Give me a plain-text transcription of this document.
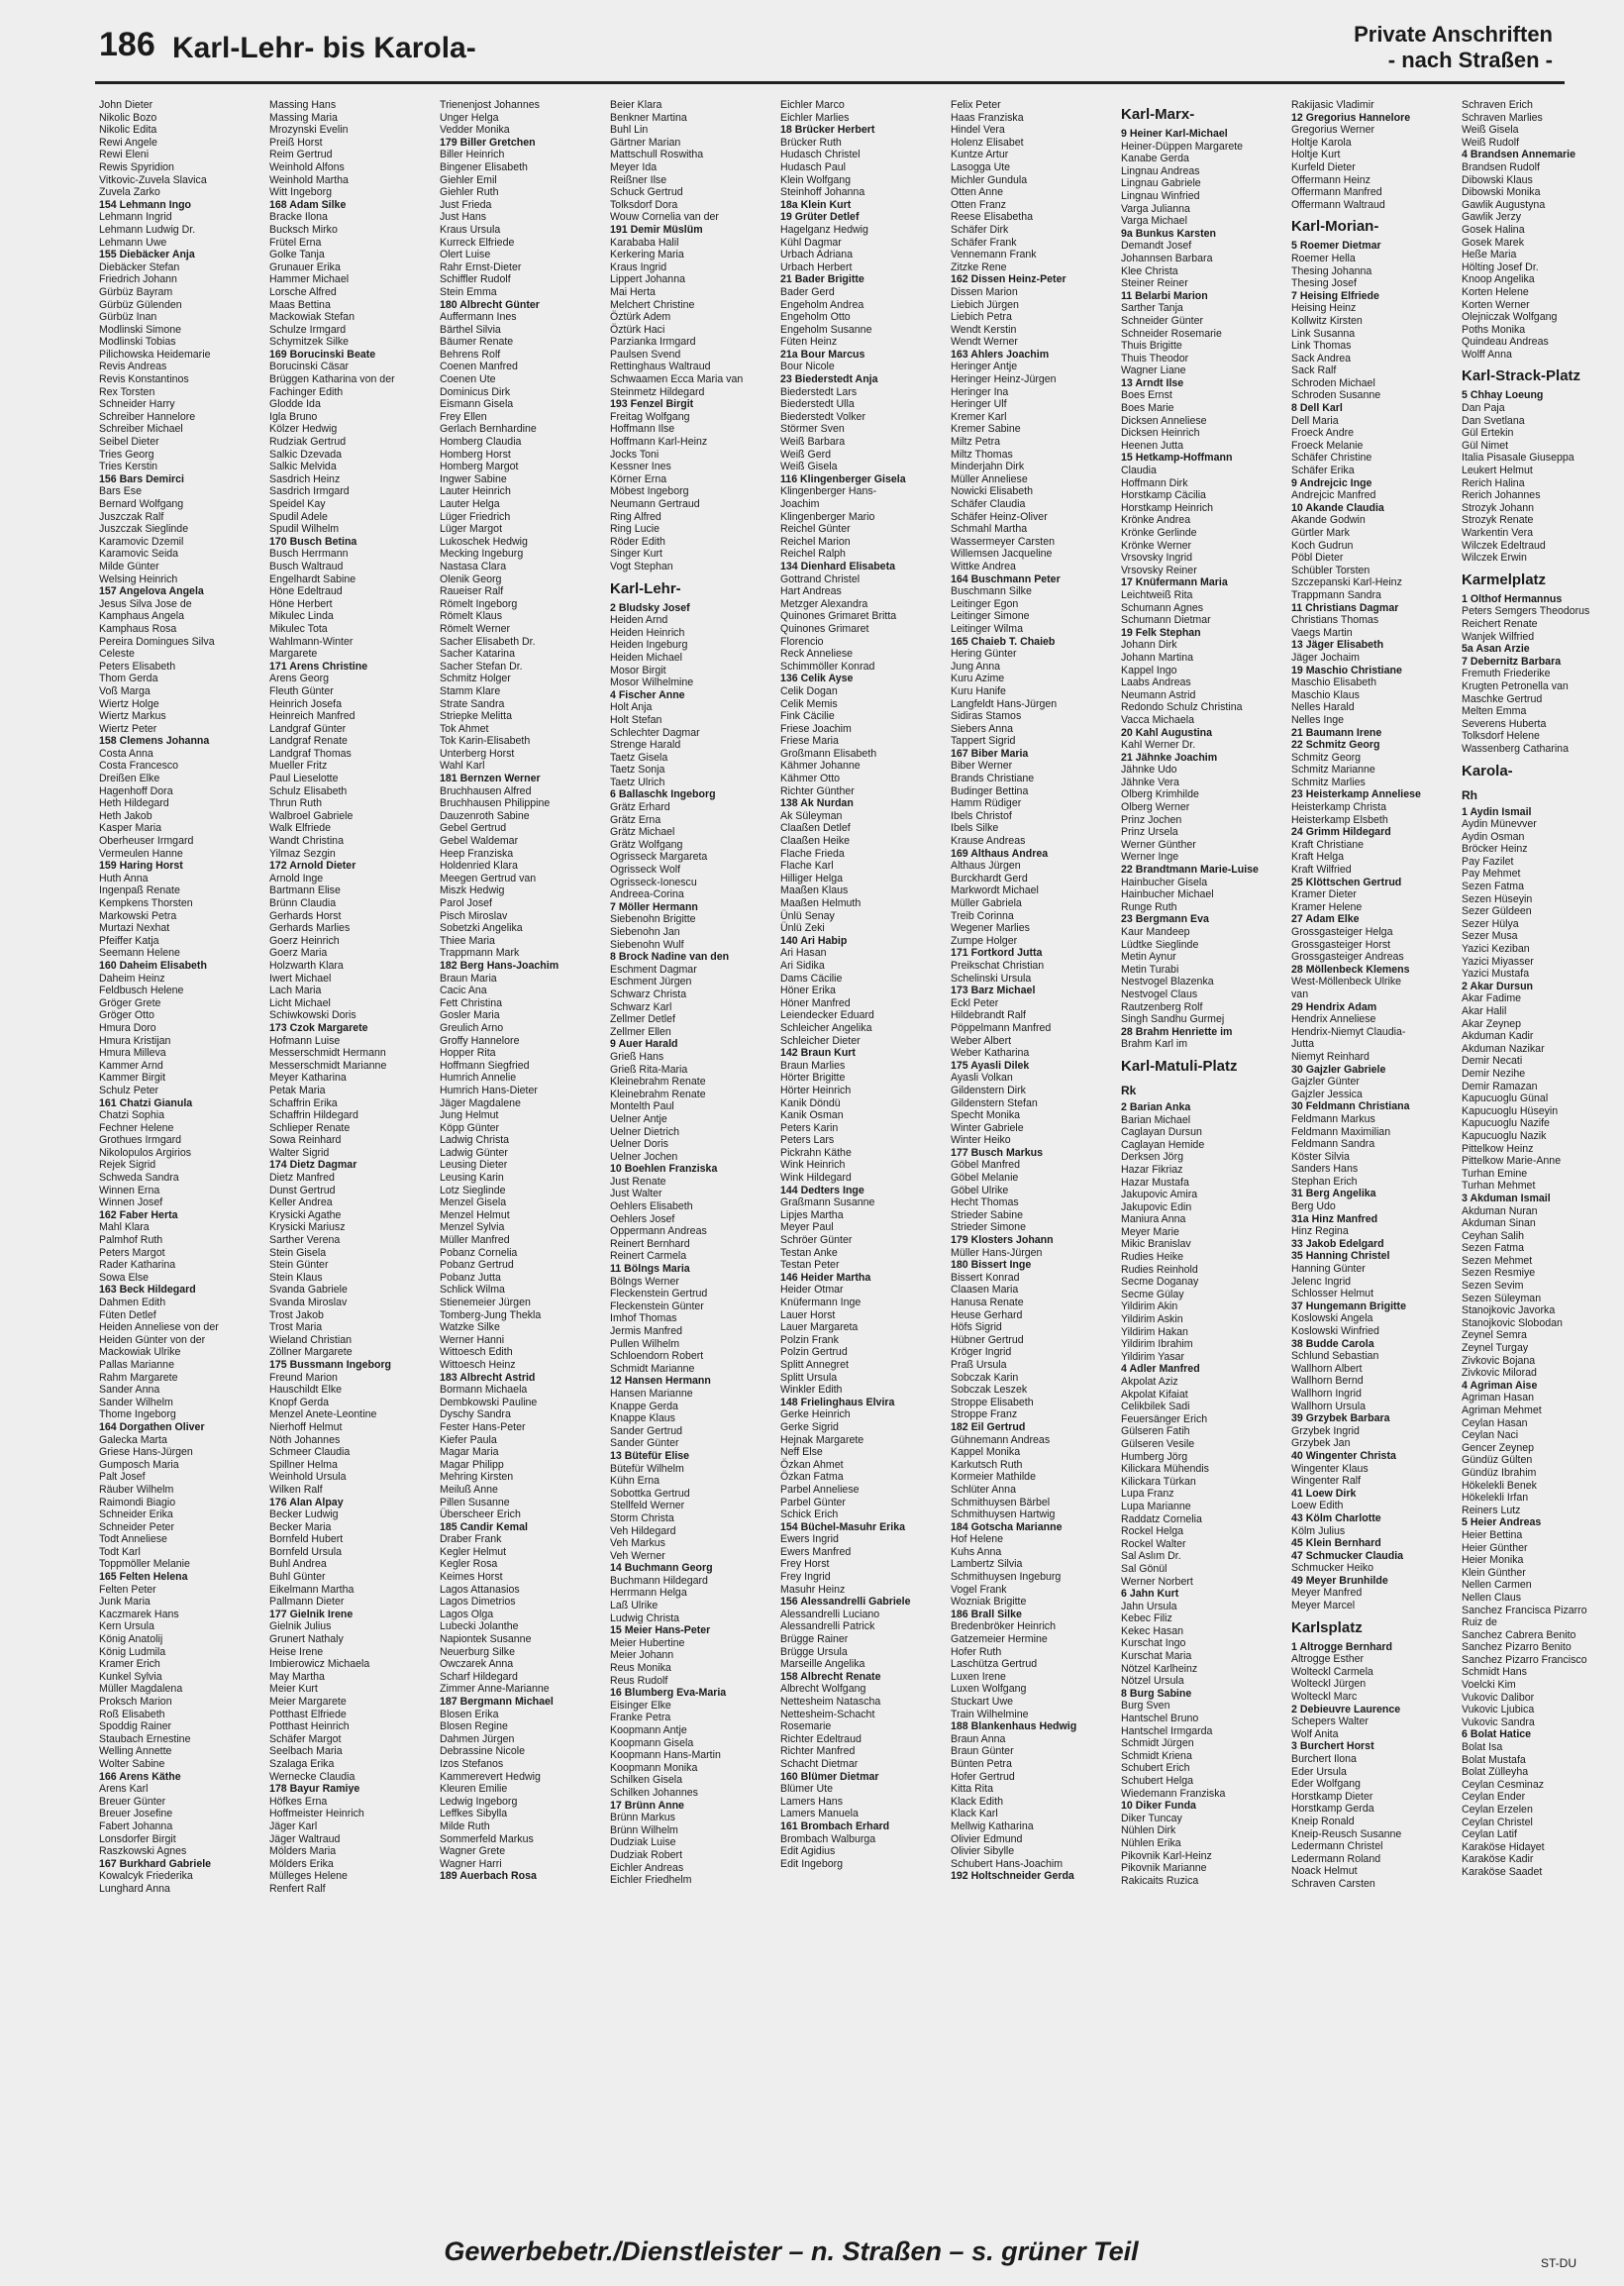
186 Karl-Lehr- bis Karola-	Private Anschriften
- nach Straßen -
John Dieter
Nikolic Bozo
Nikolic Edita
Rewi Angele
Rewi Eleni
Rewis Spyridion
Vitkovic-Zuvela Slavica
Zuvela Zarko
154 Lehmann Ingo
Lehmann Ingrid
Lehmann Ludwig Dr.
Lehmann Uwe
155 Diebäcker Anja
Diebäcker Stefan
Friedrich Johann
Gürbüz Bayram
Gürbüz Gülenden
Gürbüz Inan
Modlinski Simone
Modlinski Tobias
Pilichowska Heidemarie
Revis Andreas
Revis Konstantinos
Rex Torsten
Schneider Harry
Schreiber Hannelore
Schreiber Michael
Seibel Dieter
Tries Georg
Tries Kerstin
156 Bars Demirci
Bars Ese
Bernard Wolfgang
Juszczak Ralf
Juszczak Sieglinde
Karamovic Dzemil
Karamovic Seida
Milde Günter
Welsing Heinrich
157 Angelova Angela
Jesus Silva Jose de
Kamphaus Angela
Kamphaus Rosa
Pereira Domingues Silva
Celeste
Peters Elisabeth
Thom Gerda
Voß Marga
Wiertz Holge
Wiertz Markus
Wiertz Peter
158 Clemens Johanna
Costa Anna
Costa Francesco
Dreißen Elke
Hagenhoff Dora
Heth Hildegard
Heth Jakob
Kasper Maria
Oberheuser Irmgard
Vermeulen Hanne
159 Haring Horst
Huth Anna
Ingenpaß Renate
Kempkens Thorsten
Markowski Petra
Murtazi Nexhat
Pfeiffer Katja
Seemann Helene
160 Daheim Elisabeth
Daheim Heinz
Feldbusch Helene
Gröger Grete
Gröger Otto
Hmura Doro
Hmura Kristijan
Hmura Milleva
Kammer Arnd
Kammer Birgit
Schulz Peter
161 Chatzi Gianula
Chatzi Sophia
Fechner Helene
Grothues Irmgard
Nikolopulos Argirios
Rejek Sigrid
Schweda Sandra
Winnen Erna
Winnen Josef
162 Faber Herta
Mahl Klara
Palmhof Ruth
Peters Margot
Rader Katharina
Sowa Else
163 Beck Hildegard
Dahmen Edith
Füten Detlef
Heiden Anneliese von der
Heiden Günter von der
Mackowiak Ulrike
Pallas Marianne
Rahm Margarete
Sander Anna
Sander Wilhelm
Thome Ingeborg
164 Dorgathen Oliver
Galecka Marta
Griese Hans-Jürgen
Gumposch Maria
Palt Josef
Räuber Wilhelm
Raimondi Biagio
Schneider Erika
Schneider Peter
Todt Anneliese
Todt Karl
Toppmöller Melanie
165 Felten Helena
Felten Peter
Junk Maria
Kaczmarek Hans
Kern Ursula
König Anatolij
König Ludmila
Kramer Erich
Kunkel Sylvia
Müller Magdalena
Proksch Marion
Roß Elisabeth
Spoddig Rainer
Staubach Ernestine
Welling Annette
Wolter Sabine
166 Arens Käthe
Arens Karl
Breuer Günter
Breuer Josefine
Fabert Johanna
Lonsdorfer Birgit
Raszkowski Agnes
167 Burkhard Gabriele
Kowalcyk Friederika
Lunghard Anna
Massing Hans
Massing Maria
Mrozynski Evelin
Preiß Horst
Reim Gertrud
Weinhold Alfons
Weinhold Martha
Witt Ingeborg
168 Adam Silke
Bracke Ilona
Bucksch Mirko
Frütel Erna
Golke Tanja
Grunauer Erika
Hammer Michael
Lorsche Alfred
Maas Bettina
Mackowiak Stefan
Schulze Irmgard
Schymitzek Silke
169 Borucinski Beate
Borucinski Cäsar
Brüggen Katharina von der
Fachinger Edith
Glodde Ida
Igla Bruno
Kölzer Hedwig
Rudziak Gertrud
Salkic Dzevada
Salkic Melvida
Sasdrich Heinz
Sasdrich Irmgard
Speidel Kay
Spudil Adele
Spudil Wilhelm
170 Busch Betina
Busch Herrmann
Busch Waltraud
Engelhardt Sabine
Höne Edeltraud
Höne Herbert
Mikulec Linda
Mikulec Tota
Wahlmann-Winter
Margarete
171 Arens Christine
Arens Georg
Fleuth Günter
Heinrich Josefa
Heinreich Manfred
Landgraf Günter
Landgraf Renate
Landgraf Thomas
Mueller Fritz
Paul Lieselotte
Schulz Elisabeth
Thrun Ruth
Walbroel Gabriele
Walk Elfriede
Wandt Christina
Yilmaz Sezgin
172 Arnold Dieter
Arnold Inge
Bartmann Elise
Brünn Claudia
Gerhards Horst
Gerhards Marlies
Goerz Heinrich
Goerz Maria
Holzwarth Klara
Iwert Michael
Lach Maria
Licht Michael
Schiwkowski Doris
173 Czok Margarete
Hofmann Luise
Messerschmidt Hermann
Messerschmidt Marianne
Meyer Katharina
Petak Maria
Schaffrin Erika
Schaffrin Hildegard
Schlieper Renate
Sowa Reinhard
Walter Sigrid
174 Dietz Dagmar
Dietz Manfred
Dunst Gertrud
Keller Andrea
Krysicki Agathe
Krysicki Mariusz
Sarther Verena
Stein Gisela
Stein Günter
Stein Klaus
Svanda Gabriele
Svanda Miroslav
Trost Jakob
Trost Maria
Wieland Christian
Zöllner Margarete
175 Bussmann Ingeborg
Freund Marion
Hauschildt Elke
Knopf Gerda
Menzel Anete-Leontine
Nierhoff Helmut
Nöth Johannes
Schmeer Claudia
Spillner Helma
Weinhold Ursula
Wilken Ralf
176 Alan Alpay
Becker Ludwig
Becker Maria
Bornfeld Hubert
Bornfeld Ursula
Buhl Andrea
Buhl Günter
Eikelmann Martha
Pallmann Dieter
177 Gielnik Irene
Gielnik Julius
Grunert Nathaly
Heise Irene
Imbierowicz Michaela
May Martha
Meier Kurt
Meier Margarete
Potthast Elfriede
Potthast Heinrich
Schäfer Margot
Seelbach Maria
Szalaga Erika
Wernecke Claudia
178 Bayur Ramiye
Höfkes Erna
Hoffmeister Heinrich
Jäger Karl
Jäger Waltraud
Mölders Maria
Mölders Erika
Mülleges Helene
Renfert Ralf
Trienenjost Johannes
Unger Helga
Vedder Monika
179 Biller Gretchen
Biller Heinrich
Bingener Elisabeth
Giehler Emil
Giehler Ruth
Just Frieda
Just Hans
Kraus Ursula
Kurreck Elfriede
Olert Luise
Rahr Ernst-Dieter
Schiffler Rudolf
Stein Emma
180 Albrecht Günter
Auffermann Ines
Bärthel Silvia
Bäumer Renate
Behrens Rolf
Coenen Manfred
Coenen Ute
Dominicus Dirk
Eismann Gisela
Frey Ellen
Gerlach Bernhardine
Homberg Claudia
Homberg Horst
Homberg Margot
Ingwer Sabine
Lauter Heinrich
Lauter Helga
Lüger Friedrich
Lüger Margot
Lukoschek Hedwig
Mecking Ingeburg
Nastasa Clara
Olenik Georg
Raueiser Ralf
Römelt Ingeborg
Römelt Klaus
Römelt Werner
Sacher Elisabeth Dr.
Sacher Katarina
Sacher Stefan Dr.
Schmitz Holger
Stamm Klare
Strate Sandra
Striepke Melitta
Tok Ahmet
Tok Karin-Elisabeth
Unterberg Horst
Wahl Karl
181 Bernzen Werner
Bruchhausen Alfred
Bruchhausen Philippine
Dauzenroth Sabine
Gebel Gertrud
Gebel Waldemar
Heep Franziska
Holdenried Klara
Meegen Gertrud van
Miszk Hedwig
Parol Josef
Pisch Miroslav
Sobetzki Angelika
Thiee Maria
Trappmann Mark
182 Berg Hans-Joachim
Braun Maria
Cacic Ana
Fett Christina
Gosler Maria
Greulich Arno
Groffy Hannelore
Hopper Rita
Hoffmann Siegfried
Humrich Annelie
Humrich Hans-Dieter
Jäger Magdalene
Jung Helmut
Köpp Günter
Ladwig Christa
Ladwig Günter
Leusing Dieter
Leusing Karin
Lotz Sieglinde
Menzel Gisela
Menzel Helmut
Menzel Sylvia
Müller Manfred
Pobanz Cornelia
Pobanz Gertrud
Pobanz Jutta
Schlick Wilma
Stienemeier Jürgen
Tomberg-Jung Thekla
Watzke Silke
Werner Hanni
Wittoesch Edith
Wittoesch Heinz
183 Albrecht Astrid
Bormann Michaela
Dembkowski Pauline
Dyschy Sandra
Fester Hans-Peter
Kiefer Paula
Magar Maria
Magar Philipp
Mehring Kirsten
Meiluß Anne
Pillen Susanne
Überscheer Erich
185 Candir Kemal
Draber Frank
Kegler Helmut
Kegler Rosa
Keimes Horst
Lagos Attanasios
Lagos Dimetrios
Lagos Olga
Lubecki Jolanthe
Napiontek Susanne
Neuerburg Silke
Owczarek Anna
Scharf Hildegard
Zimmer Anne-Marianne
187 Bergmann Michael
Blosen Erika
Blosen Regine
Dahmen Jürgen
Debrassine Nicole
Izos Stefanos
Kammerevert Hedwig
Kleuren Emilie
Ledwig Ingeborg
Leffkes Sibylla
Milde Ruth
Sommerfeld Markus
Wagner Grete
Wagner Harri
189 Auerbach Rosa
Beier Klara
Benkner Martina
Buhl Lin
Gärtner Marian
Mattschull Roswitha
Meyer Ida
Reißner Ilse
Schuck Gertrud
Tolksdorf Dora
Wouw Cornelia van der
191 Demir Müslüm
Karababa Halil
Kerkering Maria
Kraus Ingrid
Lippert Johanna
Mai Herta
Melchert Christine
Öztürk Adem
Öztürk Haci
Parzianka Irmgard
Paulsen Svend
Rettinghaus Waltraud
Schwaamen Ecca Maria van
Steinmetz Hildegard
193 Fenzel Birgit
Freitag Wolfgang
Hoffmann Ilse
Hoffmann Karl-Heinz
Jocks Toni
Kessner Ines
Körner Erna
Möbest Ingeborg
Neumann Gertraud
Ring Alfred
Ring Lucie
Röder Edith
Singer Kurt
Vogt Stephan
Karl-Lehr-
2 Bludsky Josef
Heiden Arnd
Heiden Heinrich
Heiden Ingeburg
Heiden Michael
Mosor Birgit
Mosor Wilhelmine
4 Fischer Anne
Holt Anja
Holt Stefan
Schlechter Dagmar
Strenge Harald
Taetz Gisela
Taetz Sonja
Taetz Ulrich
6 Ballaschk Ingeborg
Grätz Erhard
Grätz Erna
Grätz Michael
Grätz Wolfgang
Ogrisseck Margareta
Ogrisseck Wolf
Ogrisseck-Ionescu
Andreea-Corina
7 Möller Hermann
Siebenohn Brigitte
Siebenohn Jan
Siebenohn Wulf
8 Brock Nadine van den
Eschment Dagmar
Eschment Jürgen
Schwarz Christa
Schwarz Karl
Zellmer Detlef
Zellmer Ellen
9 Auer Harald
Grieß Hans
Grieß Rita-Maria
Kleinebrahm Renate
Kleinebrahm Renate
Montelth Paul
Uelner Antje
Uelner Dietrich
Uelner Doris
Uelner Jochen
10 Boehlen Franziska
Just Renate
Just Walter
Oehlers Elisabeth
Oehlers Josef
Oppermann Andreas
Reinert Bernhard
Reinert Carmela
11 Bölngs Maria
Bölngs Werner
Fleckenstein Gertrud
Fleckenstein Günter
Imhof Thomas
Jermis Manfred
Pullen Wilhelm
Schloendorn Robert
Schmidt Marianne
12 Hansen Hermann
Hansen Marianne
Knappe Gerda
Knappe Klaus
Sander Gertrud
Sander Günter
13 Bütefür Elise
Bütefür Wilhelm
Kühn Erna
Sobottka Gertrud
Stellfeld Werner
Storm Christa
Veh Hildegard
Veh Markus
Veh Werner
14 Buchmann Georg
Buchmann Hildegard
Herrmann Helga
Laß Ulrike
Ludwig Christa
15 Meier Hans-Peter
Meier Hubertine
Meier Johann
Reus Monika
Reus Rudolf
16 Blumberg Eva-Maria
Eisinger Elke
Franke Petra
Koopmann Antje
Koopmann Gisela
Koopmann Hans-Martin
Koopmann Monika
Schilken Gisela
Schilken Johannes
17 Brünn Anne
Brünn Markus
Brünn Wilhelm
Dudziak Luise
Dudziak Robert
Eichler Andreas
Eichler Friedhelm
Eichler Marco
Eichler Marlies
18 Brücker Herbert
Brücker Ruth
Hudasch Christel
Hudasch Paul
Klein Wolfgang
Steinhoff Johanna
18a Klein Kurt
19 Grüter Detlef
Hagelganz Hedwig
Kühl Dagmar
Urbach Adriana
Urbach Herbert
21 Bader Brigitte
Bader Gerd
Engeholm Andrea
Engeholm Otto
Engeholm Susanne
Füten Heinz
21a Bour Marcus
Bour Nicole
23 Biederstedt Anja
Biederstedt Lars
Biederstedt Ulla
Biederstedt Volker
Störmer Sven
Weiß Barbara
Weiß Gerd
Weiß Gisela
116 Klingenberger Gisela
Klingenberger Hans-
Joachim
Klingenberger Mario
Reichel Günter
Reichel Marion
Reichel Ralph
134 Dienhard Elisabeta
Gottrand Christel
Hart Andreas
Metzger Alexandra
Quinones Grimaret Britta
Quinones Grimaret
Florencio
Reck Anneliese
Schimmöller Konrad
136 Celik Ayse
Celik Dogan
Celik Memis
Fink Cäcilie
Friese Joachim
Friese Maria
Großmann Elisabeth
Kähmer Johanne
Kähmer Otto
Richter Günther
138 Ak Nurdan
Ak Süleyman
Claaßen Detlef
Claaßen Heike
Flache Frieda
Flache Karl
Hilliger Helga
Maaßen Klaus
Maaßen Helmuth
Ünlü Senay
Ünlü Zeki
140 Ari Habip
Ari Hasan
Ari Sidika
Dams Cäcilie
Höner Erika
Höner Manfred
Leiendecker Eduard
Schleicher Angelika
Schleicher Dieter
142 Braun Kurt
Braun Marlies
Hörter Brigitte
Hörter Heinrich
Kanik Döndü
Kanik Osman
Peters Karin
Peters Lars
Pickrahn Käthe
Wink Heinrich
Wink Hildegard
144 Dedters Inge
Graßmann Susanne
Lipjes Martha
Meyer Paul
Schröer Günter
Testan Anke
Testan Peter
146 Heider Martha
Heider Otmar
Knüfermann Inge
Lauer Horst
Lauer Margareta
Polzin Frank
Polzin Gertrud
Splitt Annegret
Splitt Ursula
Winkler Edith
148 Frielinghaus Elvira
Gerke Heinrich
Gerke Sigrid
Hejnak Margarete
Neff Else
Özkan Ahmet
Özkan Fatma
Parbel Anneliese
Parbel Günter
Schick Erich
154 Büchel-Masuhr Erika
Ewers Ingrid
Ewers Manfred
Frey Horst
Frey Ingrid
Masuhr Heinz
156 Alessandrelli Gabriele
Alessandrelli Luciano
Alessandrelli Patrick
Brügge Rainer
Brügge Ursula
Marseille Angelika
158 Albrecht Renate
Albrecht Wolfgang
Nettesheim Natascha
Nettesheim-Schacht
Rosemarie
Richter Edeltraud
Richter Manfred
Schacht Dietmar
160 Blümer Dietmar
Blümer Ute
Lamers Hans
Lamers Manuela
161 Brombach Erhard
Brombach Walburga
Edit Agidius
Edit Ingeborg
Felix Peter
Haas Franziska
Hindel Vera
Holenz Elisabet
Kuntze Artur
Lasogga Ute
Michler Gundula
Otten Anne
Otten Franz
Reese Elisabetha
Schäfer Dirk
Schäfer Frank
Vennemann Frank
Zitzke Rene
162 Dissen Heinz-Peter
Dissen Marion
Liebich Jürgen
Liebich Petra
Wendt Kerstin
Wendt Werner
163 Ahlers Joachim
Heringer Antje
Heringer Heinz-Jürgen
Heringer Ina
Heringer Ulf
Kremer Karl
Kremer Sabine
Miltz Petra
Miltz Thomas
Minderjahn Dirk
Müller Anneliese
Nowicki Elisabeth
Schäfer Claudia
Schäfer Heinz-Oliver
Schmahl Martha
Wassermeyer Carsten
Willemsen Jacqueline
Wittke Andrea
164 Buschmann Peter
Buschmann Silke
Leitinger Egon
Leitinger Simone
Leitinger Wilma
165 Chaieb T. Chaieb
Hering Günter
Jung Anna
Kuru Azime
Kuru Hanife
Langfeldt Hans-Jürgen
Sidiras Stamos
Siebers Anna
Tappert Sigrid
167 Biber Maria
Biber Werner
Brands Christiane
Budinger Bettina
Hamm Rüdiger
Ibels Christof
Ibels Silke
Krause Andreas
169 Althaus Andrea
Althaus Jürgen
Burckhardt Gerd
Markwordt Michael
Müller Gabriela
Treib Corinna
Wegener Marlies
Zumpe Holger
171 Fortkord Jutta
Preikschat Christian
Schelinski Ursula
173 Barz Michael
Eckl Peter
Hildebrandt Ralf
Pöppelmann Manfred
Weber Albert
Weber Katharina
175 Ayasli Dilek
Ayasli Volkan
Gildenstern Dirk
Gildenstern Stefan
Specht Monika
Winter Gabriele
Winter Heiko
177 Busch Markus
Göbel Manfred
Göbel Melanie
Göbel Ulrike
Hecht Thomas
Strieder Sabine
Strieder Simone
179 Klosters Johann
Müller Hans-Jürgen
180 Bissert Inge
Bissert Konrad
Claasen Maria
Hanusa Renate
Heuse Gerhard
Höfs Sigrid
Hübner Gertrud
Kröger Ingrid
Praß Ursula
Sobczak Karin
Sobczak Leszek
Stroppe Elisabeth
Stroppe Franz
182 Eil Gertrud
Gühnemann Andreas
Kappel Monika
Karkutsch Ruth
Kormeier Mathilde
Schlüter Anna
Schmithuysen Bärbel
Schmithuysen Hartwig
184 Gotscha Marianne
Hof Helene
Kuhs Anna
Lambertz Silvia
Schmithuysen Ingeburg
Vogel Frank
Wozniak Brigitte
186 Brall Silke
Bredenbröker Heinrich
Gatzemeier Hermine
Hofer Ruth
Laschütza Gertrud
Luxen Irene
Luxen Wolfgang
Stuckart Uwe
Train Wilhelmine
188 Blankenhaus Hedwig
Braun Anna
Braun Günter
Bünten Petra
Hofer Gertrud
Kitta Rita
Klack Edith
Klack Karl
Mellwig Katharina
Olivier Edmund
Olivier Sibylle
Schubert Hans-Joachim
192 Holtschneider Gerda
Karl-Marx-
9 Heiner Karl-Michael
Heiner-Düppen Margarete
Kanabe Gerda
Lingnau Andreas
Lingnau Gabriele
Lingnau Winfried
Varga Julianna
Varga Michael
9a Bunkus Karsten
Demandt Josef
Johannsen Barbara
Klee Christa
Steiner Reiner
11 Belarbi Marion
Sarther Tanja
Schneider Günter
Schneider Rosemarie
Thuis Brigitte
Thuis Theodor
Wagner Liane
13 Arndt Ilse
Boes Ernst
Boes Marie
Dicksen Anneliese
Dicksen Heinrich
Heenen Jutta
15 Hetkamp-Hoffmann
Claudia
Hoffmann Dirk
Horstkamp Cäcilia
Horstkamp Heinrich
Krönke Andrea
Krönke Gerlinde
Krönke Werner
Vrsovsky Ingrid
Vrsovsky Reiner
17 Knüfermann Maria
Leichtweiß Rita
Schumann Agnes
Schumann Dietmar
19 Felk Stephan
Johann Dirk
Johann Martina
Kappel Ingo
Laabs Andreas
Neumann Astrid
Redondo Schulz Christina
Vacca Michaela
20 Kahl Augustina
Kahl Werner Dr.
21 Jähnke Joachim
Jähnke Udo
Jähnke Vera
Olberg Krimhilde
Olberg Werner
Prinz Jochen
Prinz Ursela
Werner Günther
Werner Inge
22 Brandtmann Marie-Luise
Hainbucher Gisela
Hainbucher Michael
Runge Ruth
23 Bergmann Eva
Kaur Mandeep
Lüdtke Sieglinde
Metin Aynur
Metin Turabi
Nestvogel Blazenka
Nestvogel Claus
Rautzenberg Rolf
Singh Sandhu Gurmej
28 Brahm Henriette im
Brahm Karl im
Karl-Matuli-Platz
Rk
2 Barian Anka
Barian Michael
Caglayan Dursun
Caglayan Hemide
Derksen Jörg
Hazar Fikriaz
Hazar Mustafa
Jakupovic Amira
Jakupovic Edin
Maniura Anna
Meyer Marie
Mikic Branislav
Rudies Heike
Rudies Reinhold
Secme Doganay
Secme Gülay
Yildirim Akin
Yildirim Askin
Yildirim Hakan
Yildirim Ibrahim
Yildirim Yasar
4 Adler Manfred
Akpolat Aziz
Akpolat Kifaiat
Celikbilek Sadi
Feuersänger Erich
Gülseren Fatih
Gülseren Vesile
Humberg Jörg
Kilickara Mühendis
Kilickara Türkan
Lupa Franz
Lupa Marianne
Raddatz Cornelia
Rockel Helga
Rockel Walter
Sal Aslım Dr.
Sal Gönül
Werner Norbert
6 Jahn Kurt
Jahn Ursula
Kebec Filiz
Kekec Hasan
Kurschat Ingo
Kurschat Maria
Nötzel Karlheinz
Nötzel Ursula
8 Burg Sabine
Burg Sven
Hantschel Bruno
Hantschel Irmgarda
Schmidt Jürgen
Schmidt Kriena
Schubert Erich
Schubert Helga
Wiedemann Franziska
10 Diker Funda
Diker Tuncay
Nühlen Dirk
Nühlen Erika
Pikovnik Karl-Heinz
Pikovnik Marianne
Rakicaits Ruzica
Rakijasic Vladimir
12 Gregorius Hannelore
Gregorius Werner
Holtje Karola
Holtje Kurt
Kurfeld Dieter
Offermann Heinz
Offermann Manfred
Offermann Waltraud
Karl-Morian-
5 Roemer Dietmar
Roemer Hella
Thesing Johanna
Thesing Josef
7 Heising Elfriede
Heising Heinz
Kollwitz Kirsten
Link Susanna
Link Thomas
Sack Andrea
Sack Ralf
Schroden Michael
Schroden Susanne
8 Dell Karl
Dell Maria
Froeck Andre
Froeck Melanie
Schäfer Christine
Schäfer Erika
9 Andrejcic Inge
Andrejcic Manfred
10 Akande Claudia
Akande Godwin
Gürtler Mark
Koch Gudrun
Pöbl Dieter
Schübler Torsten
Szczepanski Karl-Heinz
Trappmann Sandra
11 Christians Dagmar
Christians Thomas
Vaegs Martin
13 Jäger Elisabeth
Jäger Jochaim
19 Maschio Christiane
Maschio Elisabeth
Maschio Klaus
Nelles Harald
Nelles Inge
21 Baumann Irene
22 Schmitz Georg
Schmitz Georg
Schmitz Marianne
Schmitz Marlies
23 Heisterkamp Anneliese
Heisterkamp Christa
Heisterkamp Elsbeth
24 Grimm Hildegard
Kraft Christiane
Kraft Helga
Kraft Wilfried
25 Klöttschen Gertrud
Kramer Dieter
Kramer Helene
27 Adam Elke
Grossgasteiger Helga
Grossgasteiger Horst
Grossgasteiger Andreas
28 Möllenbeck Klemens
West-Möllenbeck Ulrike
van
29 Hendrix Adam
Hendrix Anneliese
Hendrix-Niemyt Claudia-
Jutta
Niemyt Reinhard
30 Gajzler Gabriele
Gajzler Günter
Gajzler Jessica
30 Feldmann Christiana
Feldmann Markus
Feldmann Maximilian
Feldmann Sandra
Köster Silvia
Sanders Hans
Stephan Erich
31 Berg Angelika
Berg Udo
31a Hinz Manfred
Hinz Regina
33 Jakob Edelgard
35 Hanning Christel
Hanning Günter
Jelenc Ingrid
Schlosser Helmut
37 Hungemann Brigitte
Koslowski Angela
Koslowski Winfried
38 Budde Carola
Schlund Sebastian
Wallhorn Albert
Wallhorn Bernd
Wallhorn Ingrid
Wallhorn Ursula
39 Grzybek Barbara
Grzybek Ingrid
Grzybek Jan
40 Wingenter Christa
Wingenter Klaus
Wingenter Ralf
41 Loew Dirk
Loew Edith
43 Kölm Charlotte
Kölm Julius
45 Klein Bernhard
47 Schmucker Claudia
Schmucker Heiko
49 Meyer Brunhilde
Meyer Manfred
Meyer Marcel
Karlsplatz
1 Altrogge Bernhard
Altrogge Esther
Wolteckl Carmela
Wolteckl Jürgen
Wolteckl Marc
2 Debieuvre Laurence
Schepers Walter
Wolf Anita
3 Burchert Horst
Burchert Ilona
Eder Ursula
Eder Wolfgang
Horstkamp Dieter
Horstkamp Gerda
Kneip Ronald
Kneip-Reusch Susanne
Ledermann Christel
Ledermann Roland
Noack Helmut
Schraven Carsten
Schraven Erich
Schraven Marlies
Weiß Gisela
Weiß Rudolf
4 Brandsen Annemarie
Brandsen Rudolf
Dibowski Klaus
Dibowski Monika
Gawlik Augustyna
Gawlik Jerzy
Gosek Halina
Gosek Marek
Heße Maria
Hölting Josef Dr.
Knoop Angelika
Korten Helene
Korten Werner
Olejniczak Wolfgang
Poths Monika
Quindeau Andreas
Wolff Anna
Karl-Strack-Platz
5 Chhay Loeung
Dan Paja
Dan Svetlana
Gül Ertekin
Gül Nimet
Italia Pisasale Giuseppa
Leukert Helmut
Rerich Halina
Rerich Johannes
Strozyk Johann
Strozyk Renate
Warkentin Vera
Wilczek Edeltraud
Wilczek Erwin
Karmelplatz
1 Olthof Hermannus
Peters Semgers Theodorus
Reichert Renate
Wanjek Wilfried
5a Asan Arzie
7 Debernitz Barbara
Fremuth Friederike
Krugten Petronella van
Maschke Gertrud
Melten Emma
Severens Huberta
Tolksdorf Helene
Wassenberg Catharina
Karola-
Rh
1 Aydin Ismail
Aydin Münevver
Aydin Osman
Bröcker Heinz
Pay Fazilet
Pay Mehmet
Sezen Fatma
Sezen Hüseyin
Sezer Güldeen
Sezer Hülya
Sezer Musa
Yazici Keziban
Yazici Miyasser
Yazici Mustafa
2 Akar Dursun
Akar Fadime
Akar Halil
Akar Zeynep
Akduman Kadir
Akduman Nazikar
Demir Necati
Demir Nezihe
Demir Ramazan
Kapucuoglu Günal
Kapucuoglu Hüseyin
Kapucuoglu Nazife
Kapucuoglu Nazik
Pittelkow Heinz
Pittelkow Marie-Anne
Turhan Emine
Turhan Mehmet
3 Akduman Ismail
Akduman Nuran
Akduman Sinan
Ceyhan Salih
Sezen Fatma
Sezen Mehmet
Sezen Resmiye
Sezen Sevim
Sezen Süleyman
Stanojkovic Javorka
Stanojkovic Slobodan
Zeynel Semra
Zeynel Turgay
Zivkovic Bojana
Zivkovic Milorad
4 Agriman Aise
Agriman Hasan
Agriman Mehmet
Ceylan Hasan
Ceylan Naci
Gencer Zeynep
Gündüz Gülten
Gündüz Ibrahim
Hökelekli Benek
Hökelekli Irfan
Reiners Lutz
5 Heier Andreas
Heier Bettina
Heier Günther
Heier Monika
Klein Günther
Nellen Carmen
Nellen Claus
Sanchez Francisca Pizarro
Ruiz de
Sanchez Cabrera Benito
Sanchez Pizarro Benito
Sanchez Pizarro Francisco
Schmidt Hans
Voelcki Kim
Vukovic Dalibor
Vukovic Ljubica
Vukovic Sandra
6 Bolat Hatice
Bolat Isa
Bolat Mustafa
Bolat Zülleyha
Ceylan Cesminaz
Ceylan Ender
Ceylan Erzelen
Ceylan Christel
Ceylan Latif
Karaköse Hidayet
Karaköse Kadir
Karaköse Saadet
Gewerbebetr./Dienstleister – n. Straßen – s. grüner Teil	ST-DU
